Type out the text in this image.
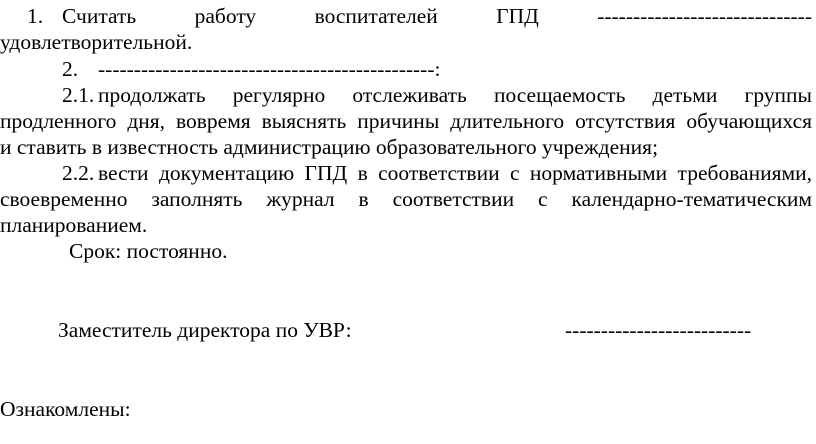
1. Считать работу воспитателей ГПД ------------------------------
удовлетворительной.
2. -----------------------------------------------:
2.1. продолжать регулярно отслеживать посещаемость детьми группы
продленного дня, вовремя выяснять причины длительного отсутствия обучающихся
и ставить в известность администрацию образовательного учреждения;
2.2. вести документацию ГПД в соответствии с нормативными требованиями,
своевременно заполнять журнал в соответствии с календарно-тематическим
планированием.
Срок: постоянно.
Заместитель директора по УВР:	--------------------------
Ознакомлены:
